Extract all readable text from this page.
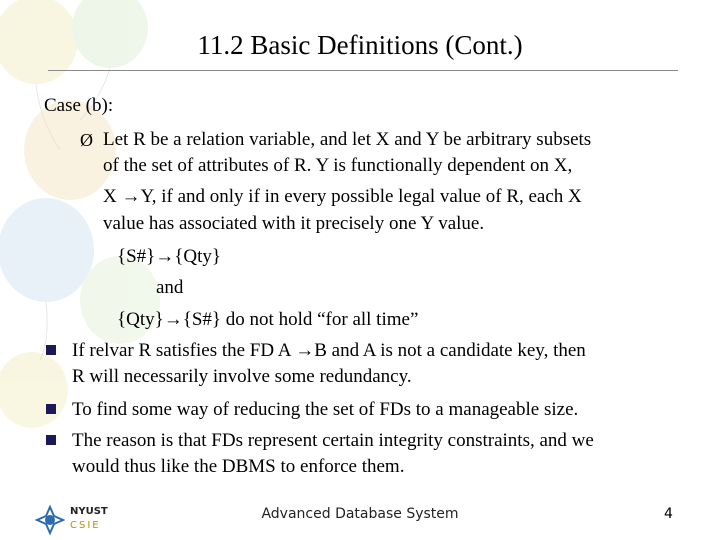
11.2 Basic Definitions (Cont.)
Case (b):
Ø Let R be a relation variable, and let X and Y be arbitrary subsets
of the set of attributes of R. Y is functionally dependent on X,
X →Y, if and only if in every possible legal value of R, each X
value has associated with it precisely one Y value.
{S#}→{Qty}
and
{Qty}→{S#} do not hold “for all time”
If relvar R satisfies the FD A →B and A is not a candidate key, then
R will necessarily involve some redundancy.
To find some way of reducing the set of FDs to a manageable size.
The reason is that FDs represent certain integrity constraints, and we
would thus like the DBMS to enforce them.
NYUST
CSIE
Advanced Database System	4
